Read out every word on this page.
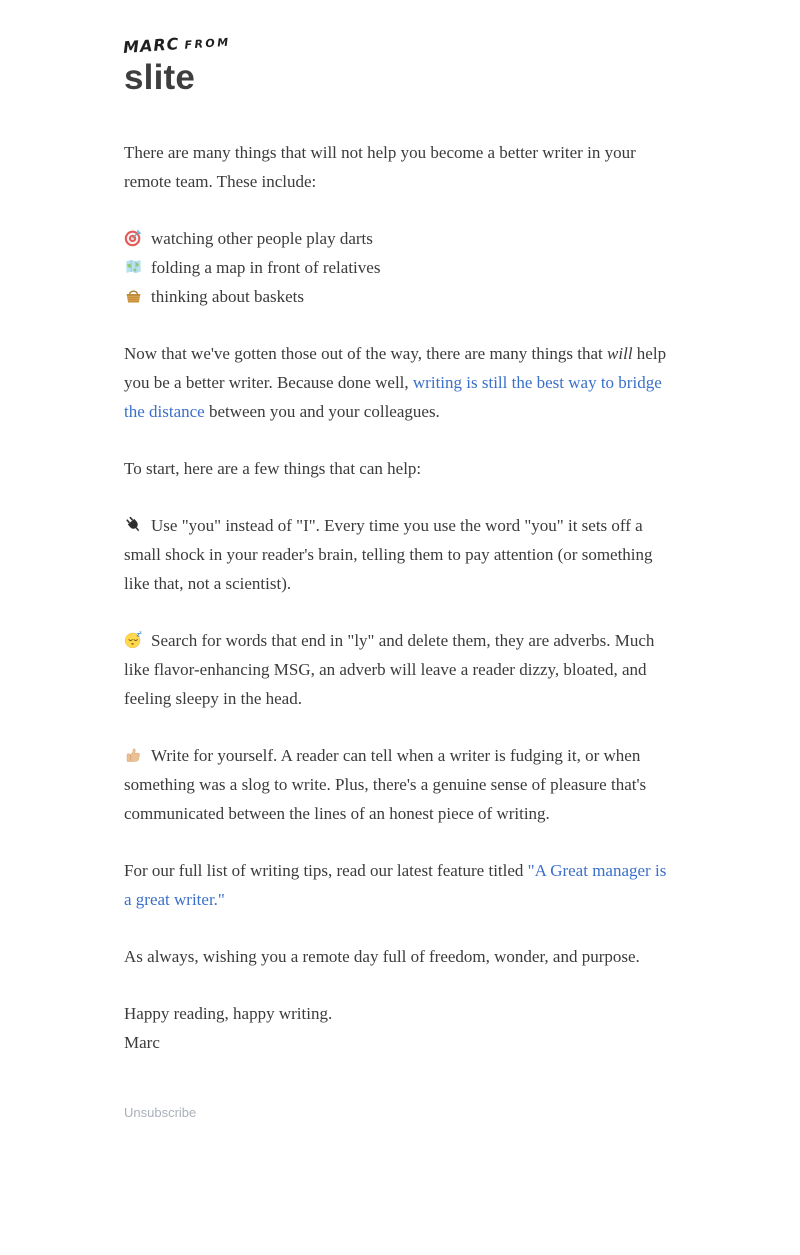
MARC FROM
slite

There are many things that will not help you become a better writer in your remote team. These include:

watching other people play darts
folding a map in front of relatives
thinking about baskets

Now that we've gotten those out of the way, there are many things that will help you be a better writer. Because done well, writing is still the best way to bridge the distance between you and your colleagues.

To start, here are a few things that can help:

Use "you" instead of "I". Every time you use the word "you" it sets off a small shock in your reader's brain, telling them to pay attention (or something like that, not a scientist).

z z Search for words that end in "ly" and delete them, they are adverbs. Much like flavor-enhancing MSG, an adverb will leave a reader dizzy, bloated, and feeling sleepy in the head.

Write for yourself. A reader can tell when a writer is fudging it, or when something was a slog to write. Plus, there's a genuine sense of pleasure that's communicated between the lines of an honest piece of writing.

For our full list of writing tips, read our latest feature titled "A Great manager is a great writer."

As always, wishing you a remote day full of freedom, wonder, and purpose.

Happy reading, happy writing.
Marc

Unsubscribe
